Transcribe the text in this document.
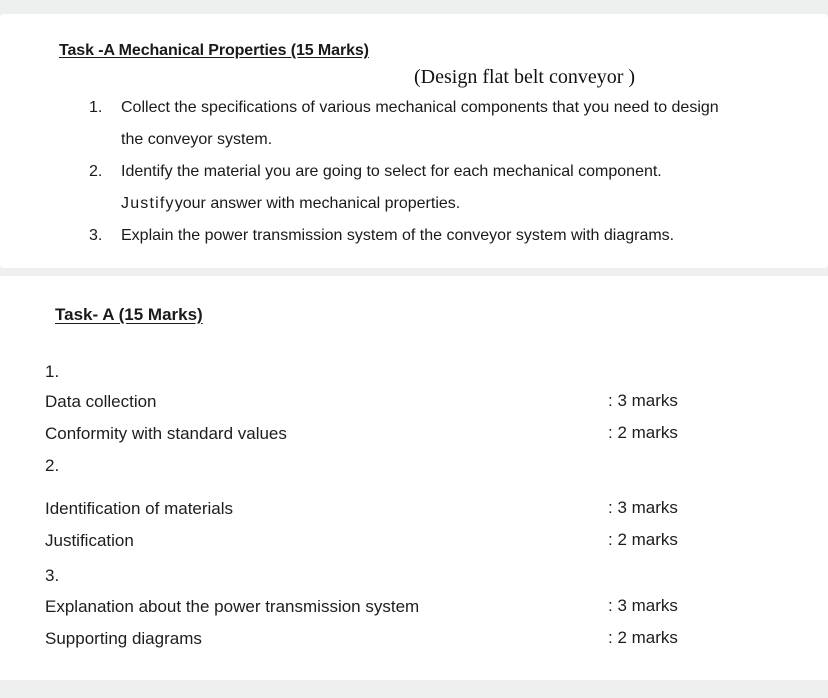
Task -A Mechanical Properties (15 Marks)
(Design flat belt conveyor )
1. Collect the specifications of various mechanical components that you need to design
the conveyor system.
2. Identify the material you are going to select for each mechanical component.
Justifyyour answer with mechanical properties.
3. Explain the power transmission system of the conveyor system with diagrams.
Task- A (15 Marks)
1.
Data collection	: 3 marks
Conformity with standard values	: 2 marks
2.
Identification of materials	: 3 marks
Justification	: 2 marks
3.
Explanation about the power transmission system	: 3 marks
Supporting diagrams	: 2 marks
